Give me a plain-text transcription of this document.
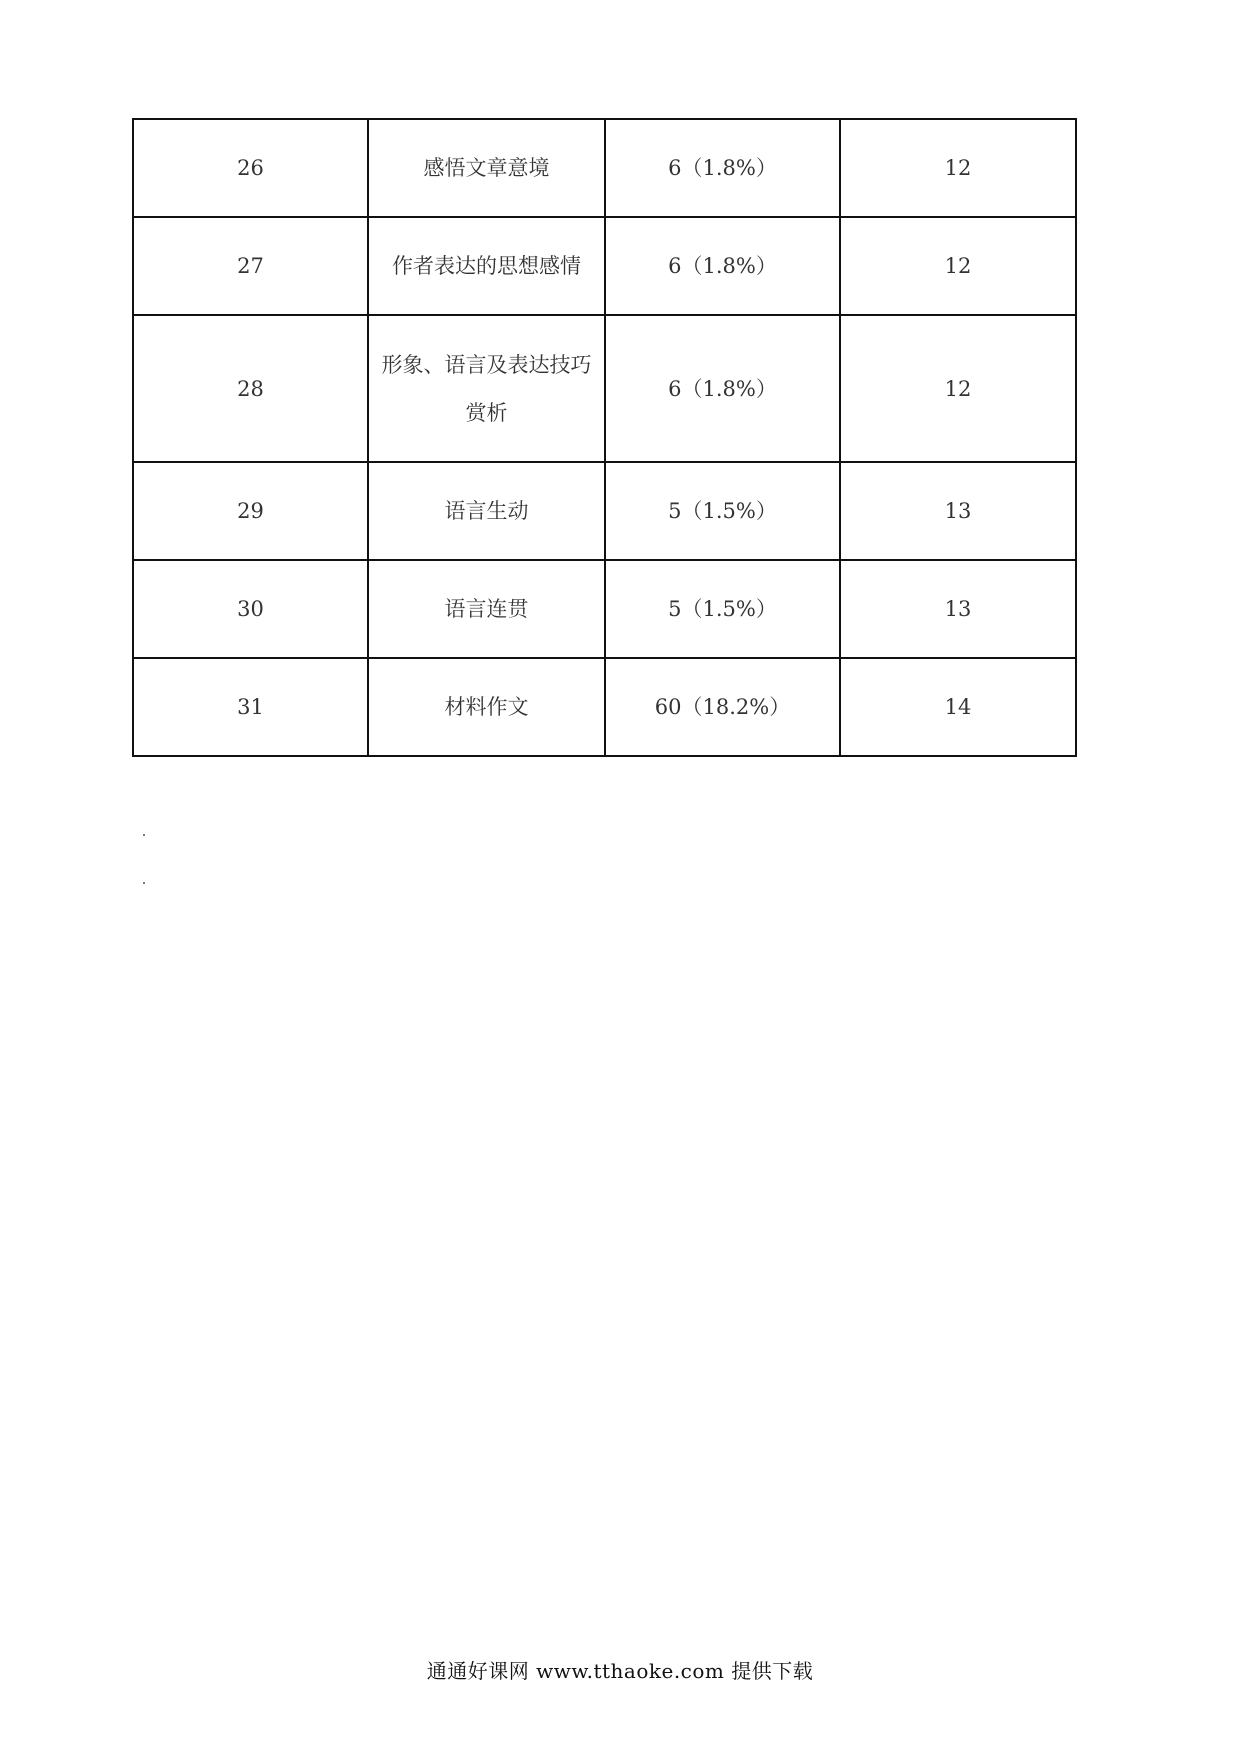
26	感悟文章意境	6（1.8%）	12
27	作者表达的思想感情	6（1.8%）	12
28	形象、语言及表达技巧赏析	6（1.8%）	12
29	语言生动	5（1.5%）	13
30	语言连贯	5（1.5%）	13
31	材料作文	60（18.2%）	14
通通好课网 www.tthaoke.com 提供下载
